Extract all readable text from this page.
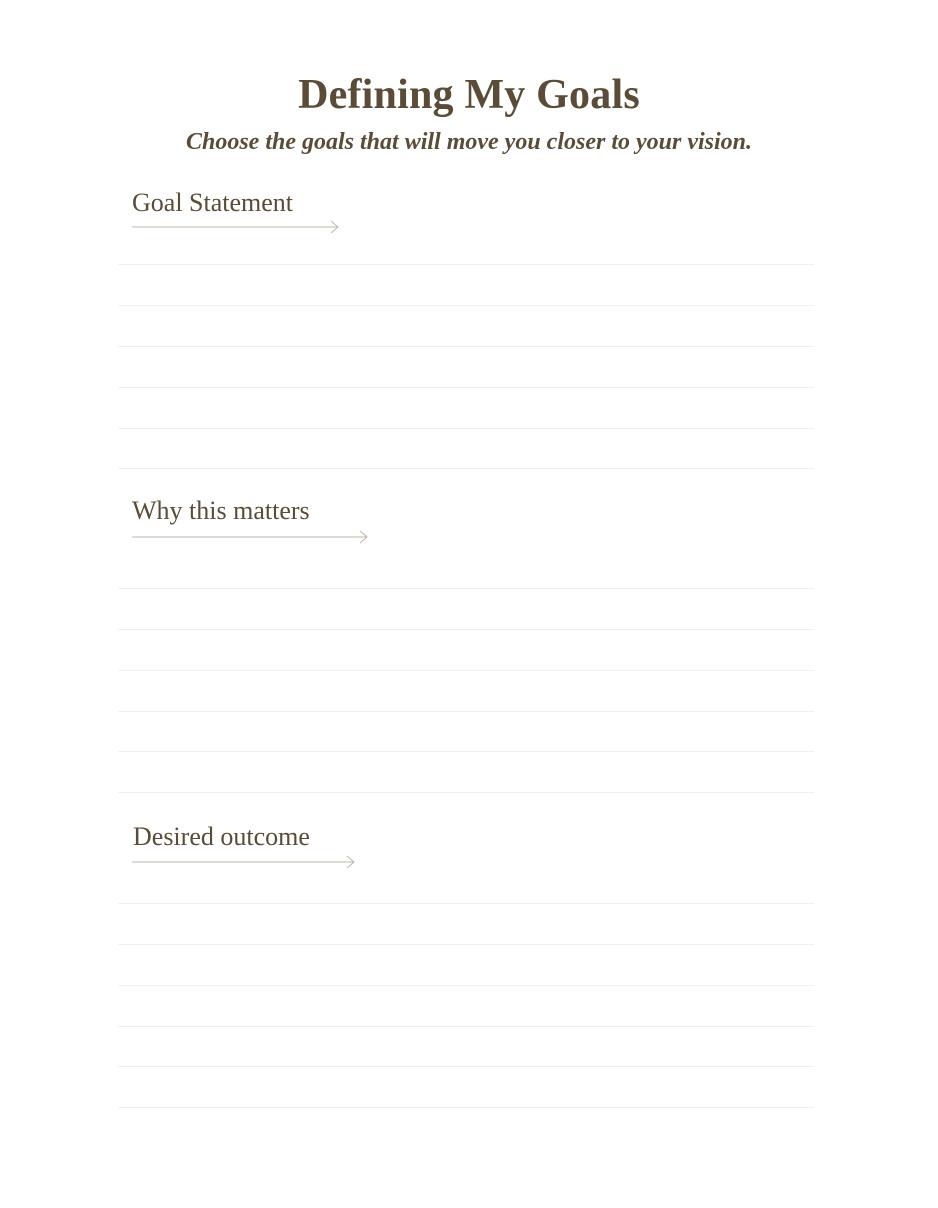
Defining My Goals

Choose the goals that will move you closer to your vision.

Goal Statement
Why this matters
Desired outcome
